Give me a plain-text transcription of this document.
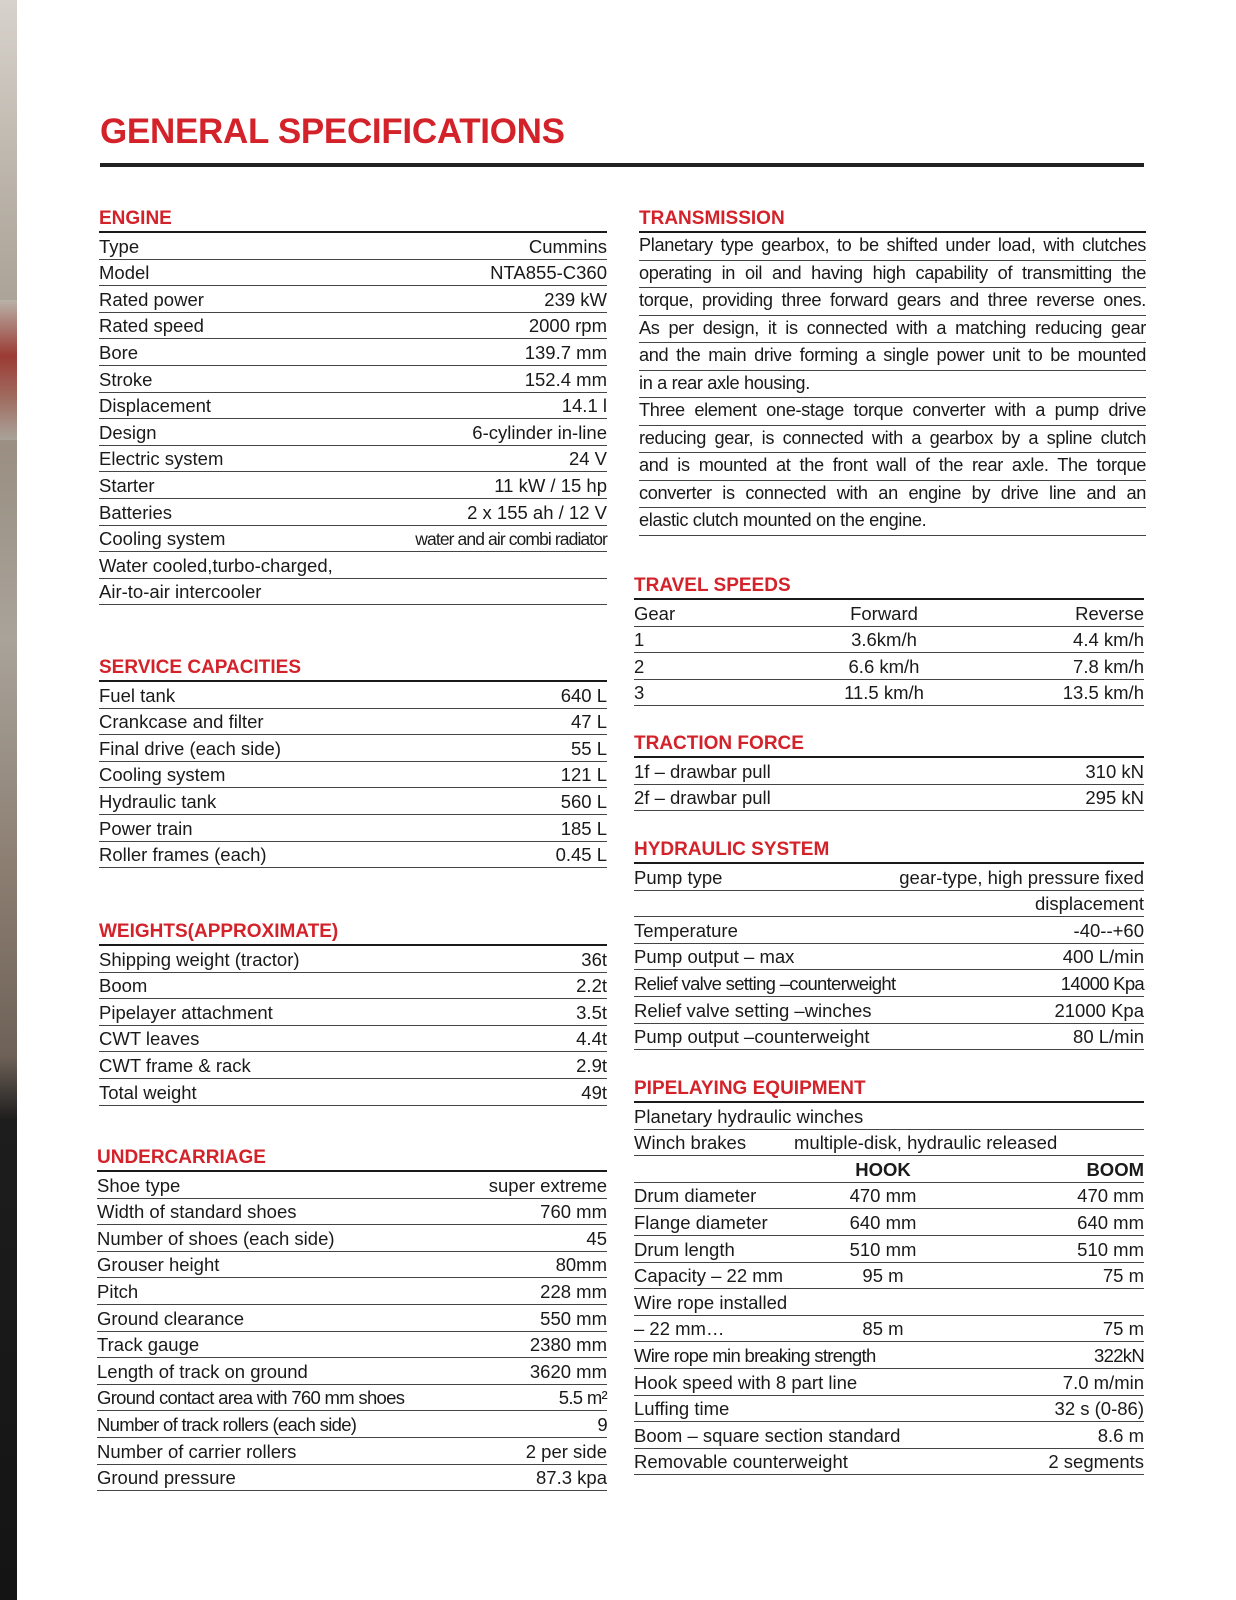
GENERAL SPECIFICATIONS
ENGINE
Type	Cummins
Model	NTA855-C360
Rated power	239 kW
Rated speed	2000 rpm
Bore	139.7 mm
Stroke	152.4 mm
Displacement	14.1 l
Design	6-cylinder in-line
Electric system	24 V
Starter	11 kW / 15 hp
Batteries	2 x 155 ah / 12 V
Cooling system	water and air combi radiator
Water cooled,turbo-charged,
Air-to-air intercooler
SERVICE CAPACITIES
Fuel tank	640 L
Crankcase and filter	47 L
Final drive (each side)	55 L
Cooling system	121 L
Hydraulic tank	560 L
Power train	185 L
Roller frames (each)	0.45 L
WEIGHTS(APPROXIMATE)
Shipping weight (tractor)	36t
Boom	2.2t
Pipelayer attachment	3.5t
CWT leaves	4.4t
CWT frame & rack	2.9t
Total weight	49t
UNDERCARRIAGE
Shoe type	super extreme
Width of standard shoes	760 mm
Number of shoes (each side)	45
Grouser height	80mm
Pitch	228 mm
Ground clearance	550 mm
Track gauge	2380 mm
Length of track on ground	3620 mm
Ground contact area with 760 mm shoes	5.5 m²
Number of track rollers (each side)	9
Number of carrier rollers	2 per side
Ground pressure	87.3 kpa
TRANSMISSION
Planetary type gearbox, to be shifted under load, with clutches
operating in oil and having high capability of transmitting the
torque, providing three forward gears and three reverse ones.
As per design, it is connected with a matching reducing gear
and the main drive forming a single power unit to be mounted
in a rear axle housing.
Three element one-stage torque converter with a pump drive
reducing gear, is connected with a gearbox by a spline clutch
and is mounted at the front wall of the rear axle. The torque
converter is connected with an engine by drive line and an
elastic clutch mounted on the engine.
TRAVEL SPEEDS
Gear	Forward	Reverse
1	3.6km/h	4.4 km/h
2	6.6 km/h	7.8 km/h
3	11.5 km/h	13.5 km/h
TRACTION FORCE
1f – drawbar pull	310 kN
2f – drawbar pull	295 kN
HYDRAULIC SYSTEM
Pump type	gear-type, high pressure fixed
displacement
Temperature	-40--+60
Pump output – max	400 L/min
Relief valve setting –counterweight	14000 Kpa
Relief valve setting –winches	21000 Kpa
Pump output –counterweight	80 L/min
PIPELAYING EQUIPMENT
Planetary hydraulic winches
Winch brakes	multiple-disk, hydraulic released
HOOK	BOOM
Drum diameter	470 mm	470 mm
Flange diameter	640 mm	640 mm
Drum length	510 mm	510 mm
Capacity – 22 mm	95 m	75 m
Wire rope installed
– 22 mm…	85 m	75 m
Wire rope min breaking strength	322kN
Hook speed with 8 part line	7.0 m/min
Luffing time	32 s (0-86)
Boom – square section standard	8.6 m
Removable counterweight	2 segments
